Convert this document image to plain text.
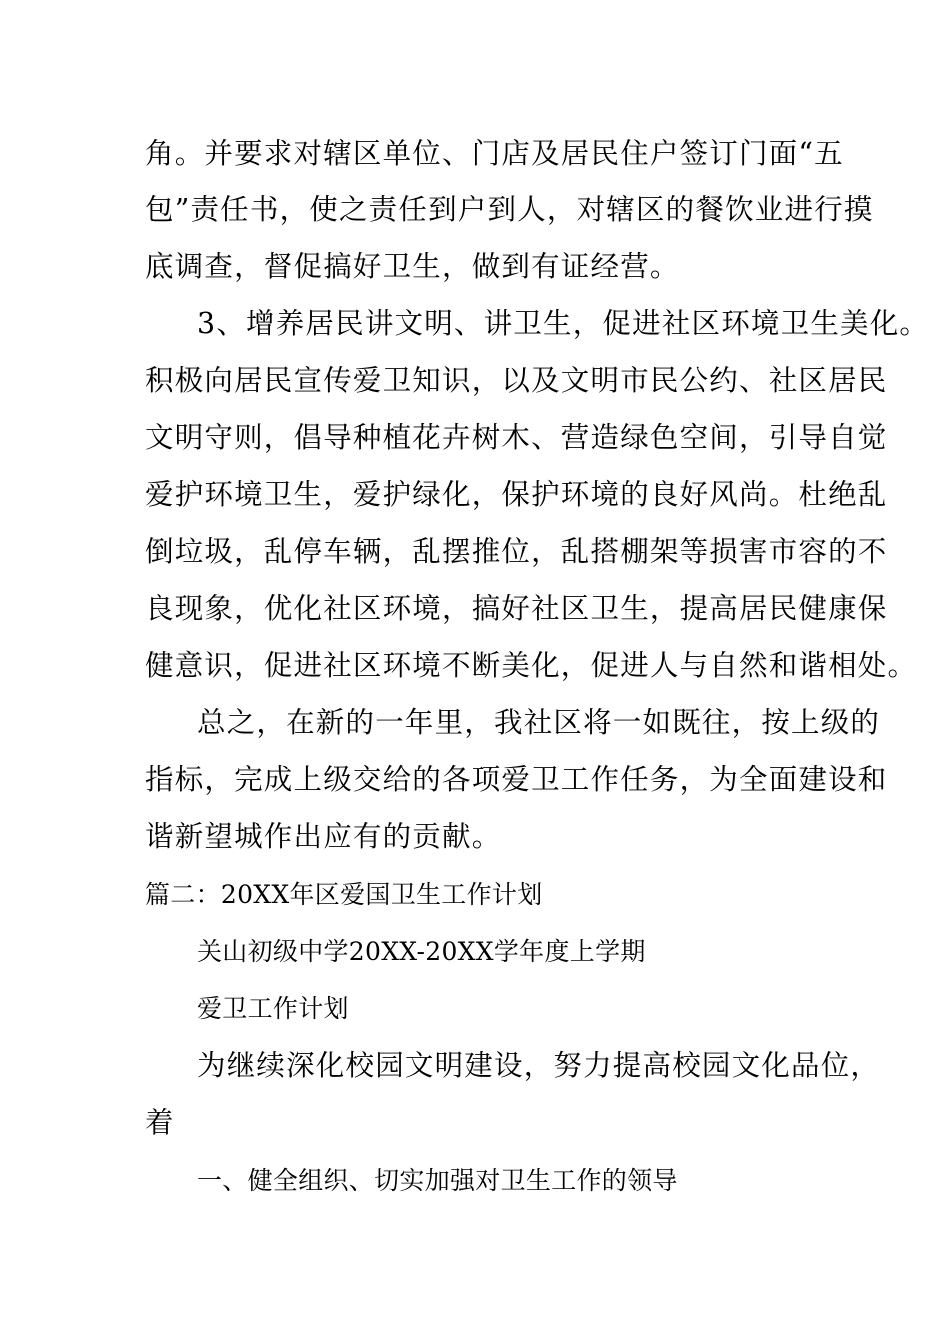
角。并要求对辖区单位、门店及居民住户签订门面“五
包”责任书，使之责任到户到人，对辖区的餐饮业进行摸
底调查，督促搞好卫生，做到有证经营。
3、增养居民讲文明、讲卫生，促进社区环境卫生美化。
积极向居民宣传爱卫知识，以及文明市民公约、社区居民
文明守则，倡导种植花卉树木、营造绿色空间，引导自觉
爱护环境卫生，爱护绿化，保护环境的良好风尚。杜绝乱
倒垃圾，乱停车辆，乱摆推位，乱搭棚架等损害市容的不
良现象，优化社区环境，搞好社区卫生，提高居民健康保
健意识，促进社区环境不断美化，促进人与自然和谐相处。
总之，在新的一年里，我社区将一如既往，按上级的
指标，完成上级交给的各项爱卫工作任务，为全面建设和
谐新望城作出应有的贡献。
篇二：20XX年区爱国卫生工作计划
关山初级中学20XX-20XX学年度上学期
爱卫工作计划
为继续深化校园文明建设，努力提高校园文化品位，
着
一、健全组织、切实加强对卫生工作的领导
